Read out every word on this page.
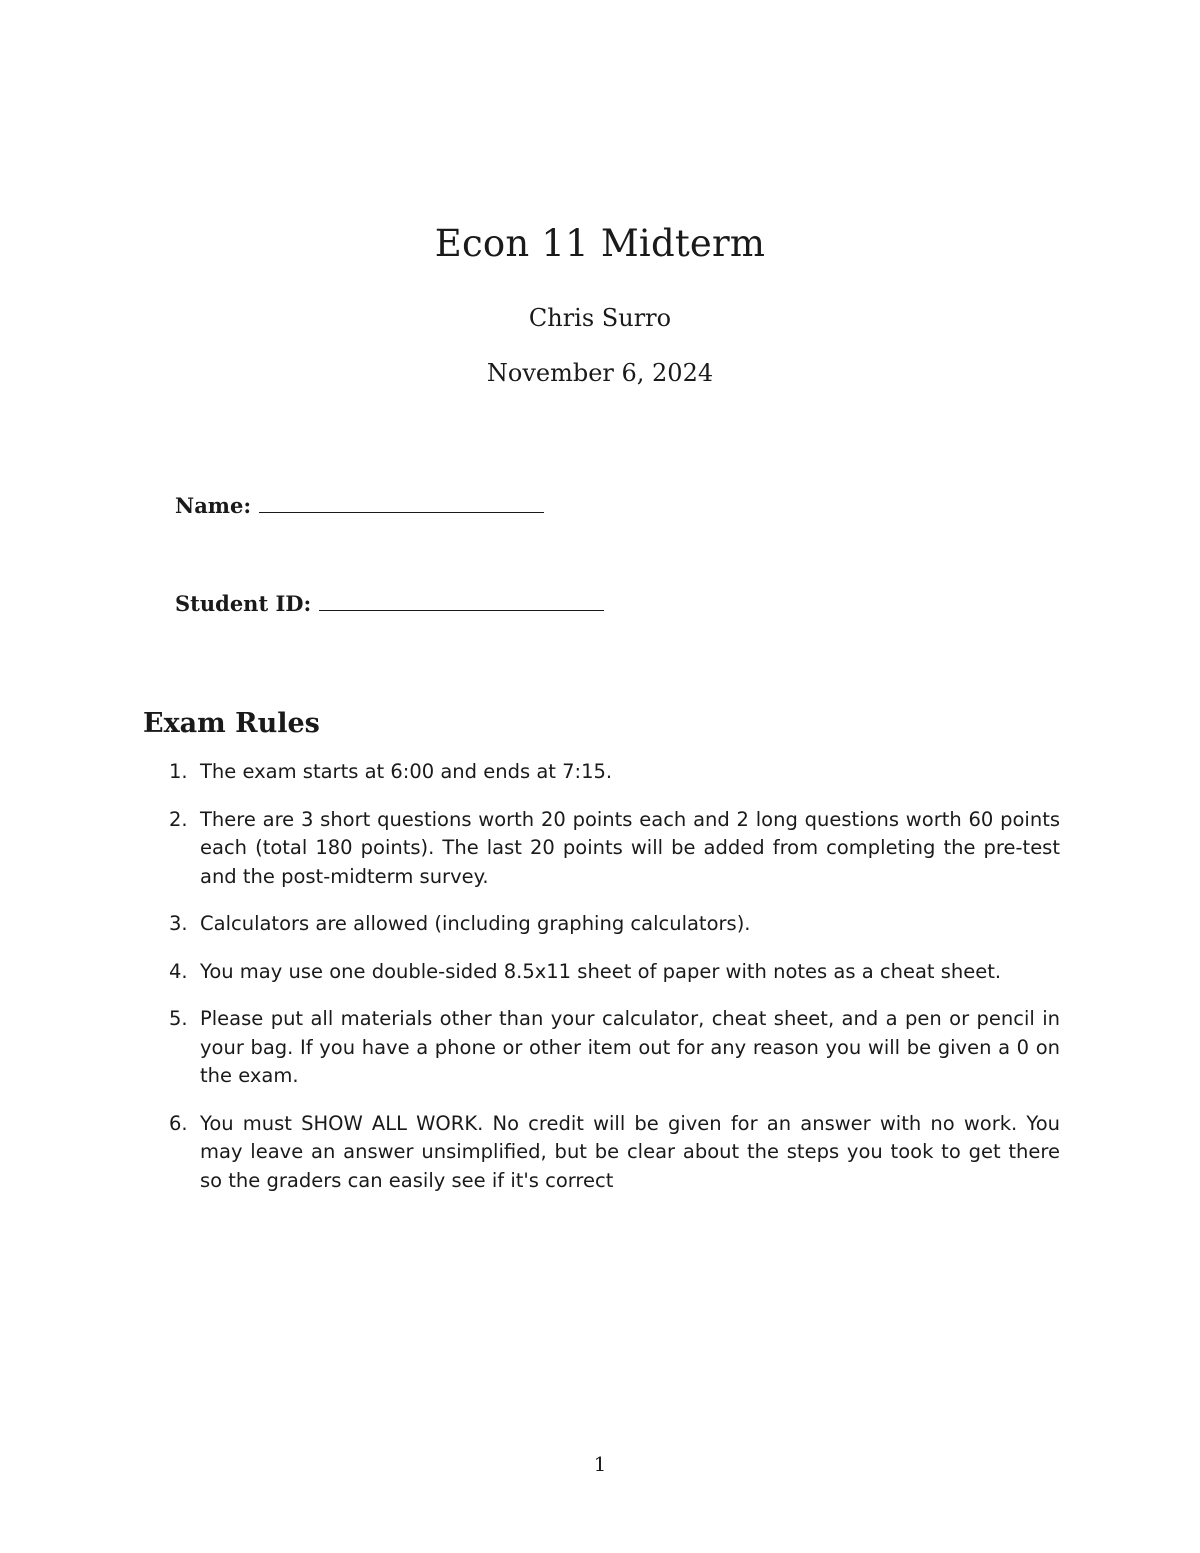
Econ 11 Midterm
Chris Surro
November 6, 2024
Name:
Student ID:
Exam Rules
1. The exam starts at 6:00 and ends at 7:15.
2. There are 3 short questions worth 20 points each and 2 long questions worth 60 points each (total 180 points). The last 20 points will be added from completing the pre-test and the post-midterm survey.
3. Calculators are allowed (including graphing calculators).
4. You may use one double-sided 8.5x11 sheet of paper with notes as a cheat sheet.
5. Please put all materials other than your calculator, cheat sheet, and a pen or pencil in your bag. If you have a phone or other item out for any reason you will be given a 0 on the exam.
6. You must SHOW ALL WORK. No credit will be given for an answer with no work. You may leave an answer unsimplified, but be clear about the steps you took to get there so the graders can easily see if it's correct
1
